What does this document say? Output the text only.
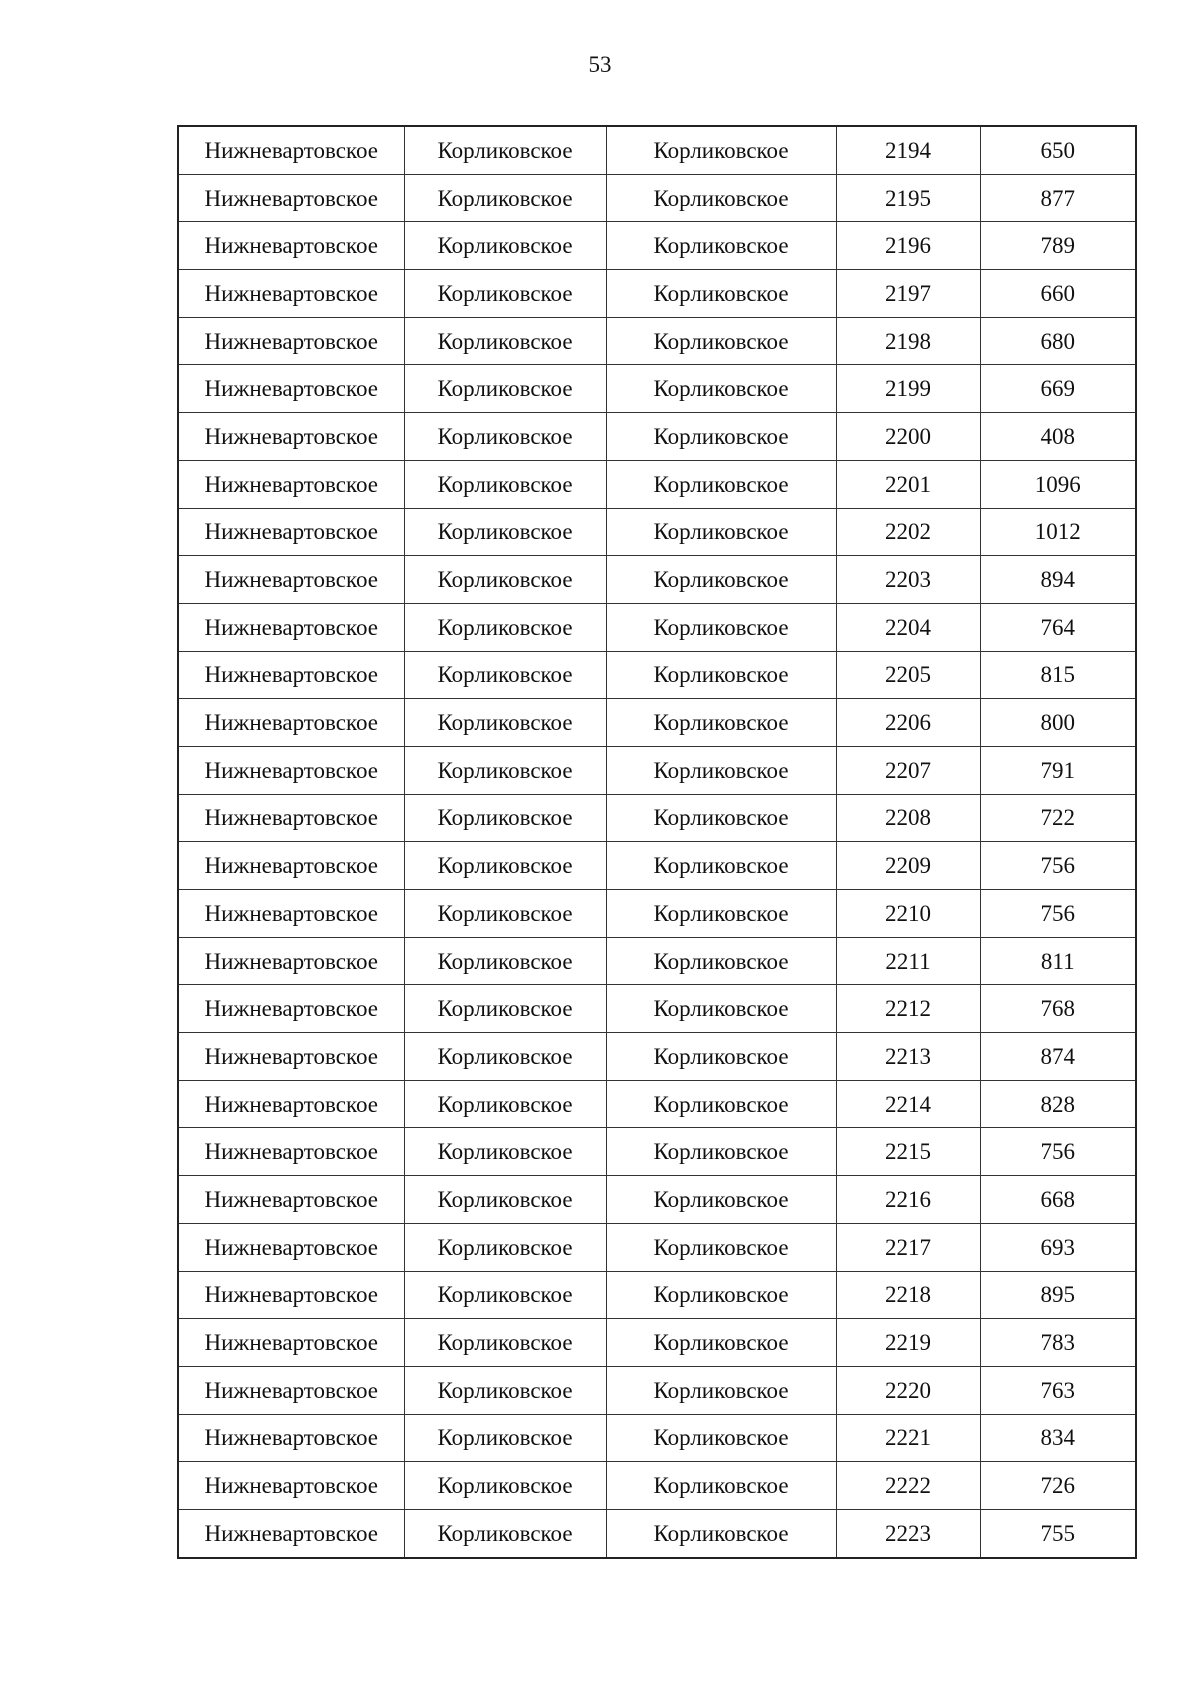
53
Нижневартовское	Корликовское	Корликовское	2194	650
Нижневартовское	Корликовское	Корликовское	2195	877
Нижневартовское	Корликовское	Корликовское	2196	789
Нижневартовское	Корликовское	Корликовское	2197	660
Нижневартовское	Корликовское	Корликовское	2198	680
Нижневартовское	Корликовское	Корликовское	2199	669
Нижневартовское	Корликовское	Корликовское	2200	408
Нижневартовское	Корликовское	Корликовское	2201	1096
Нижневартовское	Корликовское	Корликовское	2202	1012
Нижневартовское	Корликовское	Корликовское	2203	894
Нижневартовское	Корликовское	Корликовское	2204	764
Нижневартовское	Корликовское	Корликовское	2205	815
Нижневартовское	Корликовское	Корликовское	2206	800
Нижневартовское	Корликовское	Корликовское	2207	791
Нижневартовское	Корликовское	Корликовское	2208	722
Нижневартовское	Корликовское	Корликовское	2209	756
Нижневартовское	Корликовское	Корликовское	2210	756
Нижневартовское	Корликовское	Корликовское	2211	811
Нижневартовское	Корликовское	Корликовское	2212	768
Нижневартовское	Корликовское	Корликовское	2213	874
Нижневартовское	Корликовское	Корликовское	2214	828
Нижневартовское	Корликовское	Корликовское	2215	756
Нижневартовское	Корликовское	Корликовское	2216	668
Нижневартовское	Корликовское	Корликовское	2217	693
Нижневартовское	Корликовское	Корликовское	2218	895
Нижневартовское	Корликовское	Корликовское	2219	783
Нижневартовское	Корликовское	Корликовское	2220	763
Нижневартовское	Корликовское	Корликовское	2221	834
Нижневартовское	Корликовское	Корликовское	2222	726
Нижневартовское	Корликовское	Корликовское	2223	755
